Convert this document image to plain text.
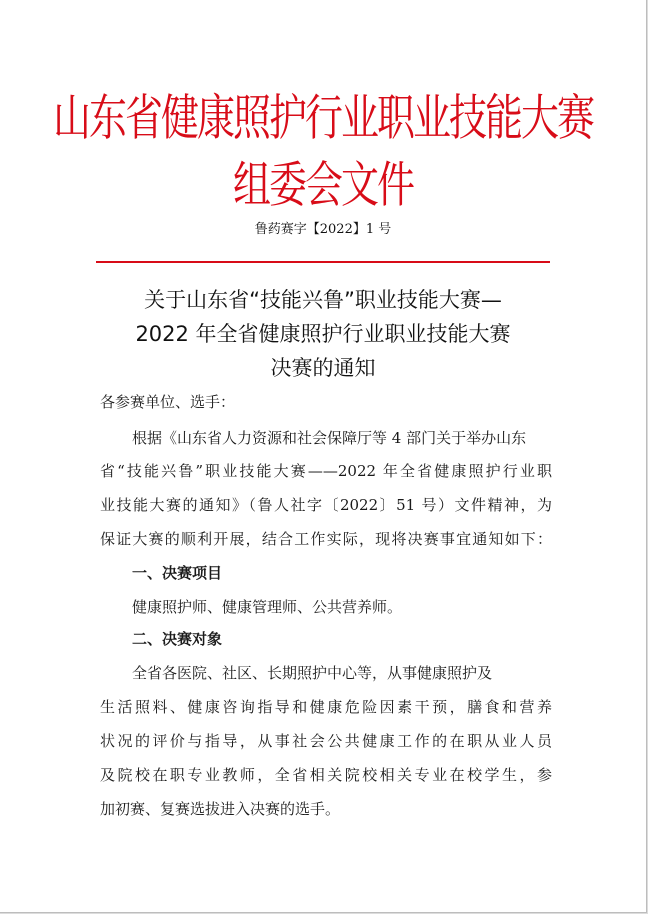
山东省健康照护行业职业技能大赛
组委会文件
鲁药赛字【2022】1 号
关于山东省“技能兴鲁”职业技能大赛—
2022 年全省健康照护行业职业技能大赛
决赛的通知
各参赛单位、选手：
根据《山东省人力资源和社会保障厅等 4 部门关于举办山东
省“技能兴鲁”职业技能大赛——2022 年全省健康照护行业职
业技能大赛的通知》（鲁人社字〔2022〕51 号）文件精神，为
保证大赛的顺利开展，结合工作实际，现将决赛事宜通知如下：
一、决赛项目
健康照护师、健康管理师、公共营养师。
二、决赛对象
全省各医院、社区、长期照护中心等，从事健康照护及
生活照料、健康咨询指导和健康危险因素干预，膳食和营养
状况的评价与指导，从事社会公共健康工作的在职从业人员
及院校在职专业教师，全省相关院校相关专业在校学生，参
加初赛、复赛选拔进入决赛的选手。
